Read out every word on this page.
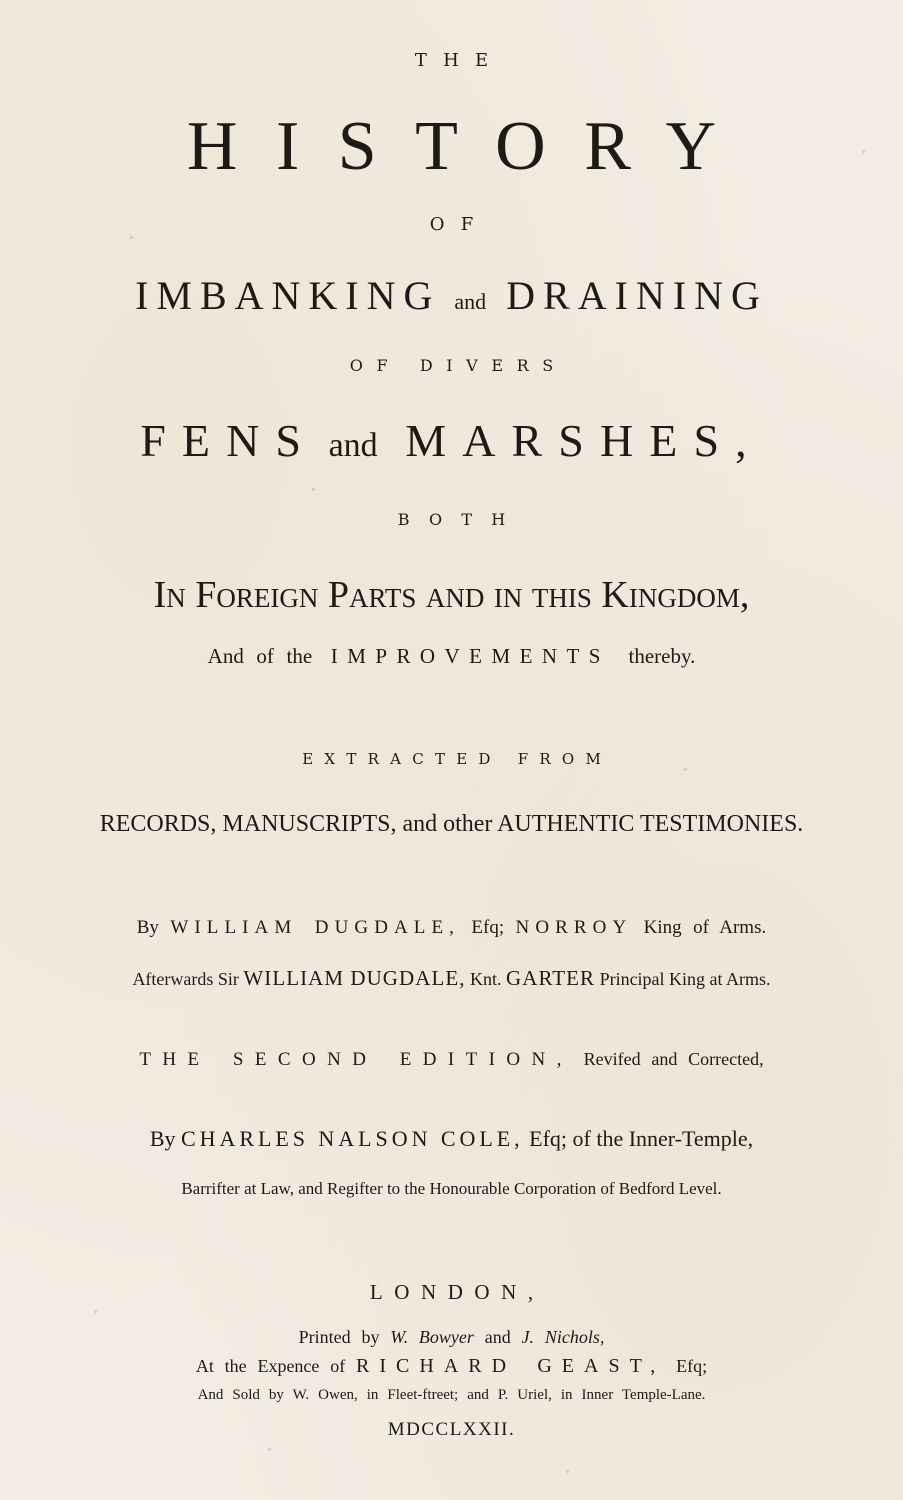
THE
HISTORY
OF
IMBANKING and DRAINING
OF DIVERS
FENS and MARSHES,
BOTH
In Foreign Parts and in this Kingdom,
And of the IMPROVEMENTS thereby.
EXTRACTED FROM
RECORDS, MANUSCRIPTS, and other AUTHENTIC TESTIMONIES.
By WILLIAM DUGDALE, Efq; NORROY King of Arms.
Afterwards Sir WILLIAM DUGDALE, Knt. GARTER Principal King at Arms.
THE SECOND EDITION, Revifed and Corrected,
By CHARLES NALSON COLE, Efq; of the Inner-Temple,
Barrifter at Law, and Regifter to the Honourable Corporation of Bedford Level.
LONDON,
Printed by W. Bowyer and J. Nichols,
At the Expence of RICHARD GEAST, Efq;
And Sold by W. Owen, in Fleet-ftreet; and P. Uriel, in Inner Temple-Lane.
MDCCLXXII.
